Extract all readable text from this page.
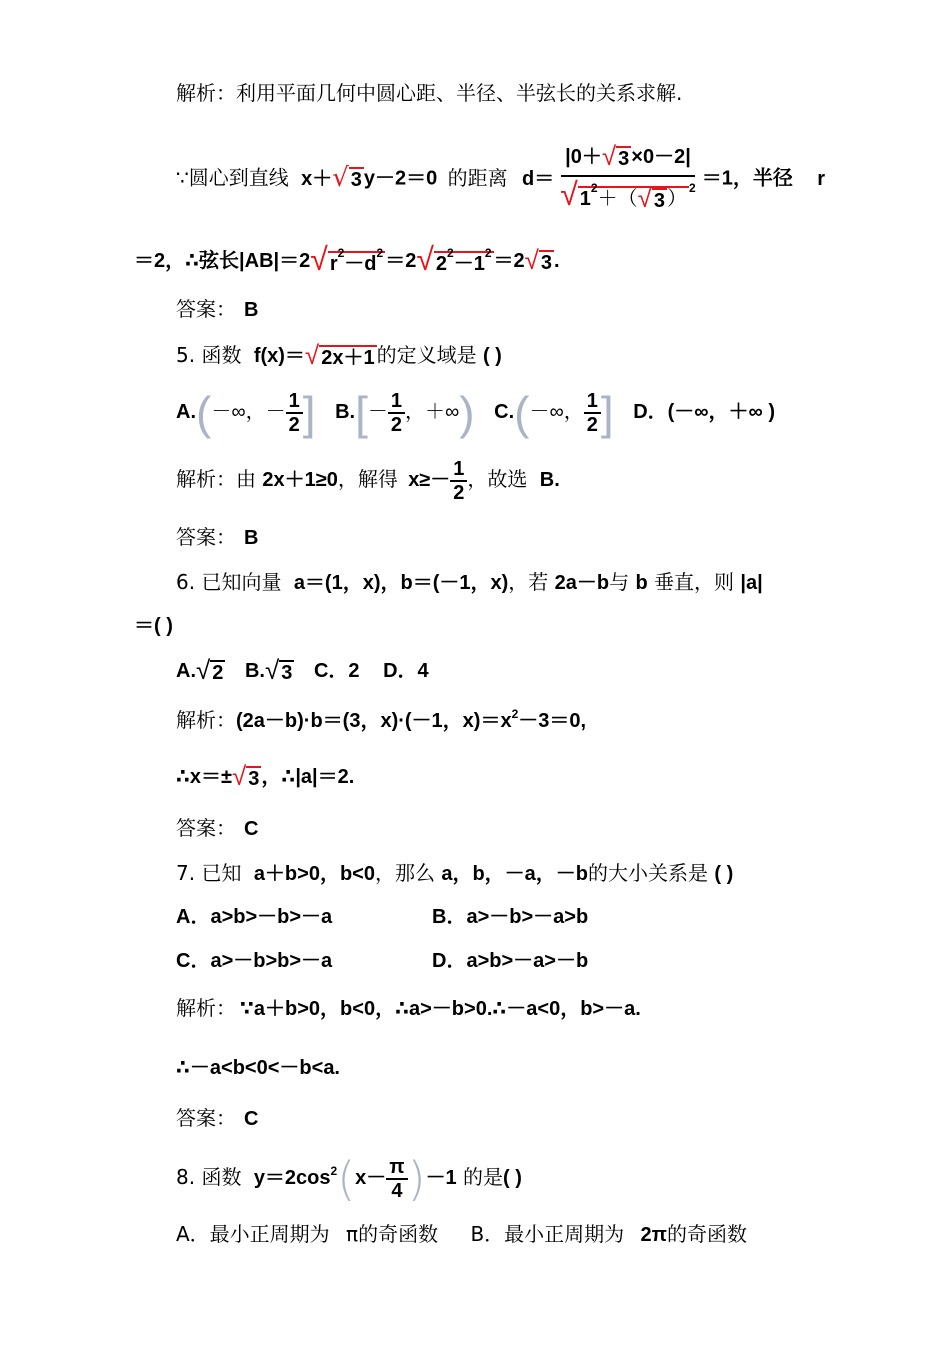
解析：利用平面几何中圆心距、半径、半弦长的关系求解.
∵圆心到直线 x＋√ 3 y－2＝0 的距离 $d= \frac{|0+√ 3 \times 0-2|}{√ 1^2+(√ 3 ) ^2} =1$，半径 r
＝2，∴弦长|AB|＝2√ $r^2-d^2 =2√$ $2^2-1^2 =2√$ 3 .
答案： B
5. 函数 f(x)＝√ 2x＋1 的定义域是 ( )
A.(－∞，－ $\frac{1}{2}$ ] $B.[- \frac{1}{2}$ ，＋∞) C.(－∞， $\frac{1}{2}$ ] D．(－∞，＋∞ )
解析：由 2x＋1≥0，解得 $x\ge- \frac{1}{2}$ ，故选 B.
答案： B
6. 已知向量 a＝(1，x)，b＝(－1，x)，若 2a－b与 b 垂直，则 |a|
＝( )
A.√ 2 B.√ 3 C．2 D．4
解析：(2a－b)·b＝(3，x)·(－1，$x)=x^2-3=0$,
∴x＝±√ 3 ，∴|a|＝2.
答案： C
7. 已知 a＋b>0，b<0，那么 a，b，－a，－b的大小关系是 ( )
A．a>b>－b>－a	B．a>－b>－a>b
C．a>－b>b>－a	D．a>b>－a>－b
解析： ∵a＋b>0，b<0，∴a>－b>0.∴－a<0，b>－a.
∴－a<b<0<－b<a.
答案： C
8. 函数 $y=2\cos^2(x- \frac{\pi}{4} )-1$ 的是( )
A．最小正周期为 π的奇函数 B．最小正周期为 2π的奇函数
